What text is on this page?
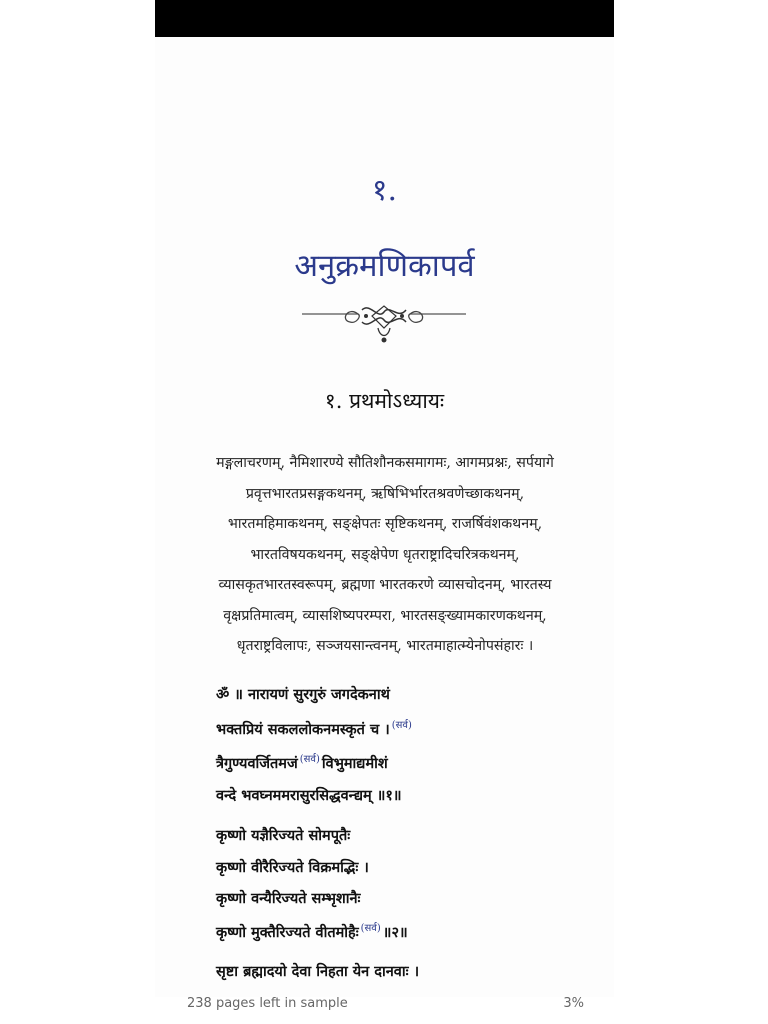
१.
अनुक्रमणिकापर्व
१. प्रथमोऽध्यायः
मङ्गलाचरणम्, नैमिशारण्ये सौतिशौनकसमागमः, आगमप्रश्नः, सर्पयागे
प्रवृत्तभारतप्रसङ्गकथनम्, ऋषिभिर्भारतश्रवणेच्छाकथनम्,
भारतमहिमाकथनम्, सङ्क्षेपतः सृष्टिकथनम्, राजर्षिवंशकथनम्,
भारतविषयकथनम्, सङ्क्षेपेण धृतराष्ट्रादिचरित्रकथनम्,
व्यासकृतभारतस्वरूपम्, ब्रह्मणा भारतकरणे व्यासचोदनम्, भारतस्य
वृक्षप्रतिमात्वम्, व्यासशिष्यपरम्परा, भारतसङ्ख्यामकारणकथनम्,
धृतराष्ट्रविलापः, सञ्जयसान्त्वनम्, भारतमाहात्म्येनोपसंहारः ।
ॐ ॥ नारायणं सुरगुरुं जगदेकनाथं
भक्तप्रियं सकललोकनमस्कृतं च । $^{(सर्व)}$
त्रैगुण्यवर्जितमजं $^{(सर्व)}$ विभुमाद्यमीशं
वन्दे भवघ्नममरासुरसिद्धवन्द्यम् ॥१॥
कृष्णो यज्ञैरिज्यते सोमपूतैः
कृष्णो वीरैरिज्यते विक्रमद्भिः ।
कृष्णो वन्यैरिज्यते सम्भृशानैः
कृष्णो मुक्तैरिज्यते वीतमोहैः $^{(सर्व)}$ ॥२॥
सृष्टा ब्रह्मादयो देवा निहता येन दानवाः ।
238 pages left in sample	3%
